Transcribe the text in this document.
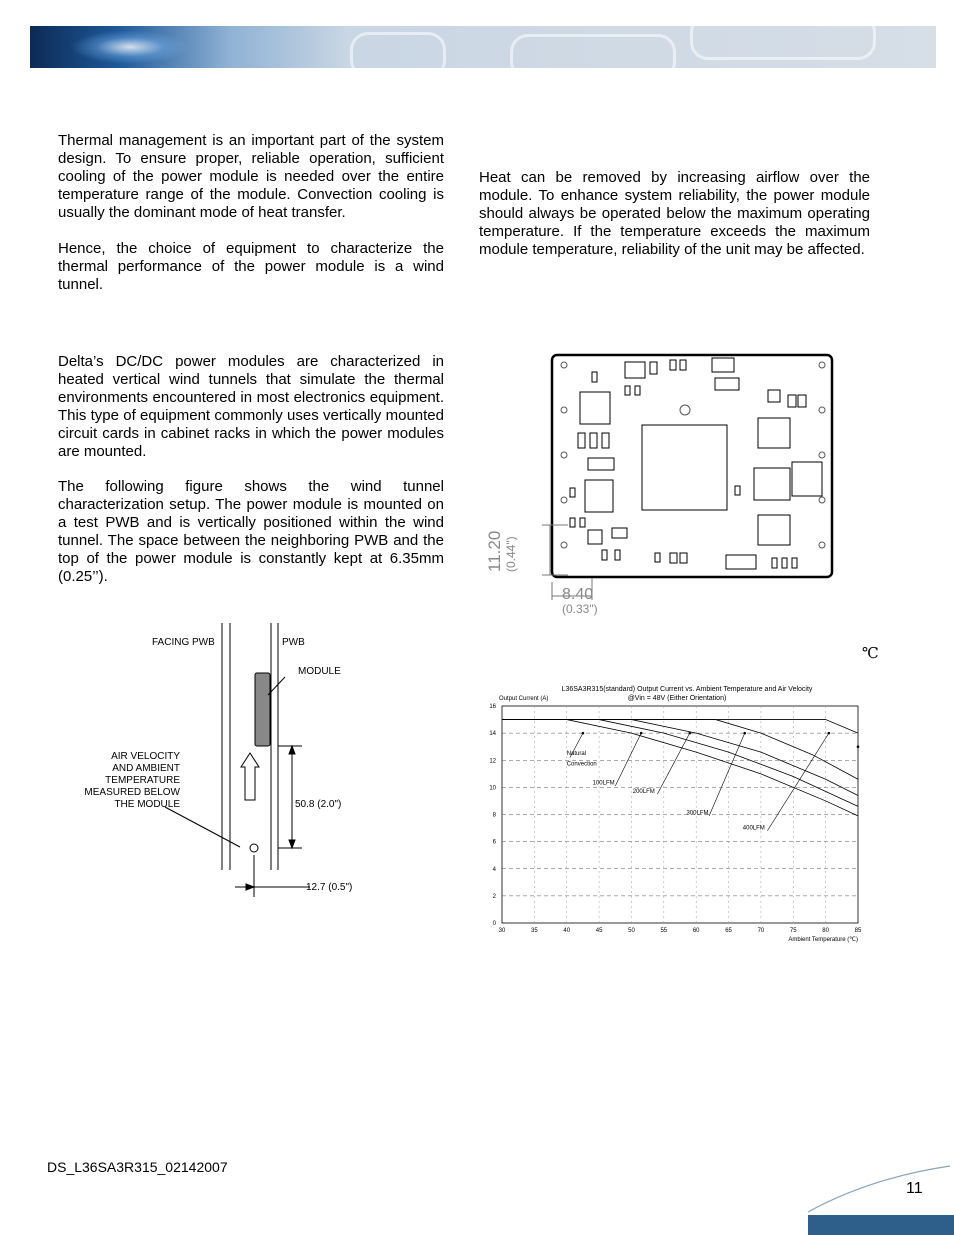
Thermal management is an important part of the system design. To ensure proper, reliable operation, sufficient cooling of the power module is needed over the entire temperature range of the module. Convection cooling is usually the dominant mode of heat transfer.

Hence, the choice of equipment to characterize the thermal performance of the power module is a wind tunnel.

Delta’s DC/DC power modules are characterized in heated vertical wind tunnels that simulate the thermal environments encountered in most electronics equipment. This type of equipment commonly uses vertically mounted circuit cards in cabinet racks in which the power modules are mounted.

The following figure shows the wind tunnel characterization setup. The power module is mounted on a test PWB and is vertically positioned within the wind tunnel. The space between the neighboring PWB and the top of the power module is constantly kept at 6.35mm (0.25’’).

Heat can be removed by increasing airflow over the module. To enhance system reliability, the power module should always be operated below the maximum operating temperature. If the temperature exceeds the maximum module temperature, reliability of the unit may be affected.

11.20 (0.44")
8.40
(0.33")
℃
FACING PWB	PWB
MODULE
AIR VELOCITY
AND AMBIENT
TEMPERATURE
MEASURED BELOW
THE MODULE	50.8 (2.0")
12.7 (0.5")
L36SA3R315(standard) Output Current vs. Ambient Temperature and Air Velocity
@Vin = 48V (Either Orientation)
Output Current (A)
Ambient Temperature (℃)
0
2
4
6
8
10
12
14
16
30	35	40	45	50	55	60	65	70	75	80	85
Natural
Convection
100LFM
200LFM
300LFM
400LFM
DS_L36SA3R315_02142007
11
